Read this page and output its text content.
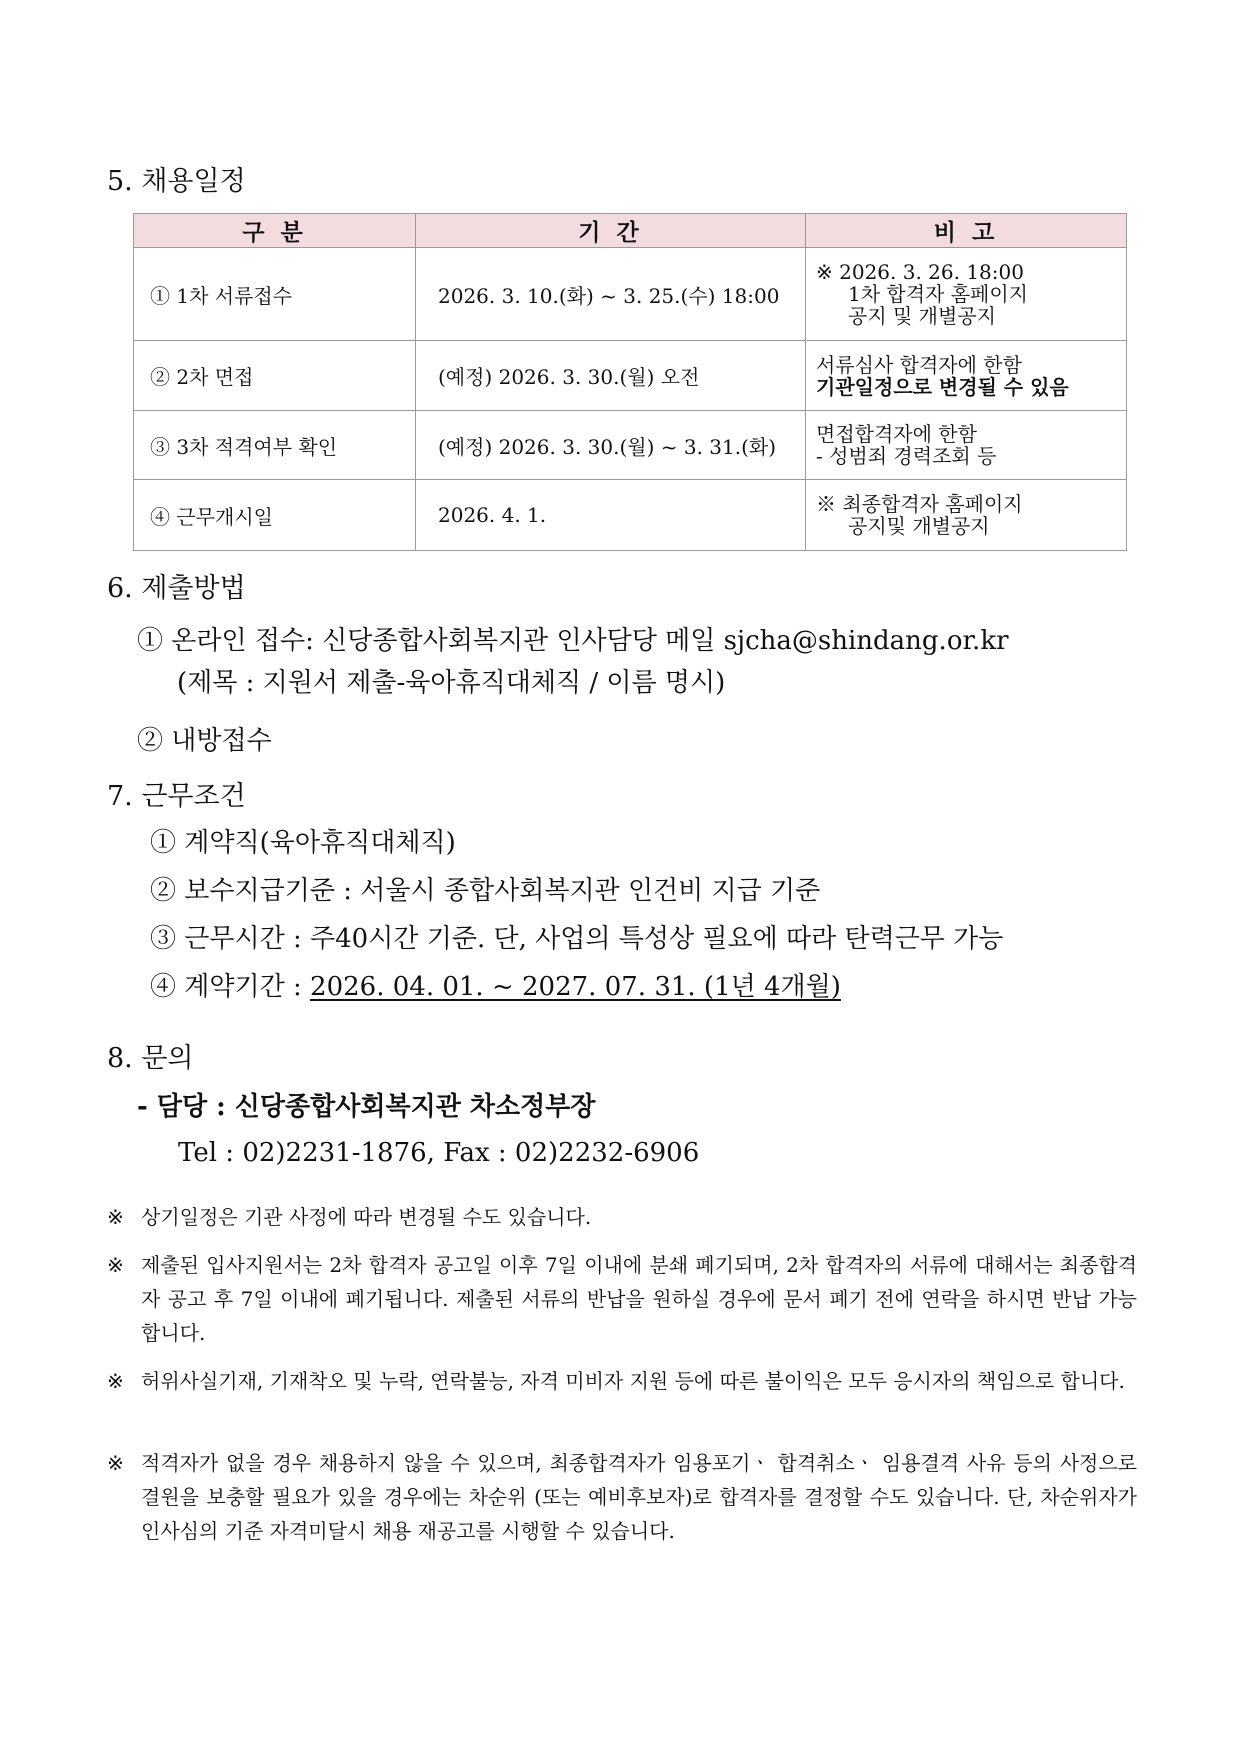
5. 채용일정
구 분	기 간	비 고
① 1차 서류접수	2026. 3. 10.(화) ~ 3. 25.(수) 18:00	※ 2026. 3. 26. 18:00
1차 합격자 홈페이지
공지 및 개별공지

② 2차 면접	(예정) 2026. 3. 30.(월) 오전	서류심사 합격자에 한함
기관일정으로 변경될 수 있음

③ 3차 적격여부 확인	(예정) 2026. 3. 30.(월) ~ 3. 31.(화)	면접합격자에 한함
- 성범죄 경력조회 등

④ 근무개시일	2026. 4. 1.	※ 최종합격자 홈페이지
공지및 개별공지
6. 제출방법
① 온라인 접수: 신당종합사회복지관 인사담당 메일 sjcha@shindang.or.kr
(제목 : 지원서 제출-육아휴직대체직 / 이름 명시)
② 내방접수
7. 근무조건
① 계약직(육아휴직대체직)
② 보수지급기준 : 서울시 종합사회복지관 인건비 지급 기준
③ 근무시간 : 주40시간 기준. 단, 사업의 특성상 필요에 따라 탄력근무 가능
④ 계약기간 : 2026. 04. 01. ~ 2027. 07. 31. (1년 4개월)
8. 문의
- 담당 : 신당종합사회복지관 차소정부장
Tel : 02)2231-1876, Fax : 02)2232-6906
※ 상기일정은 기관 사정에 따라 변경될 수도 있습니다.
※ 제출된 입사지원서는 2차 합격자 공고일 이후 7일 이내에 분쇄 폐기되며, 2차 합격자의 서류에 대해서는 최종합격자 공고 후 7일 이내에 폐기됩니다. 제출된 서류의 반납을 원하실 경우에 문서 폐기 전에 연락을 하시면 반납 가능합니다.
※ 허위사실기재, 기재착오 및 누락, 연락불능, 자격 미비자 지원 등에 따른 불이익은 모두 응시자의 책임으로 합니다.
※ 적격자가 없을 경우 채용하지 않을 수 있으며, 최종합격자가 임용포기ㆍ 합격취소ㆍ 임용결격 사유 등의 사정으로 결원을 보충할 필요가 있을 경우에는 차순위 (또는 예비후보자)로 합격자를 결정할 수도 있습니다. 단, 차순위자가 인사심의 기준 자격미달시 채용 재공고를 시행할 수 있습니다.
